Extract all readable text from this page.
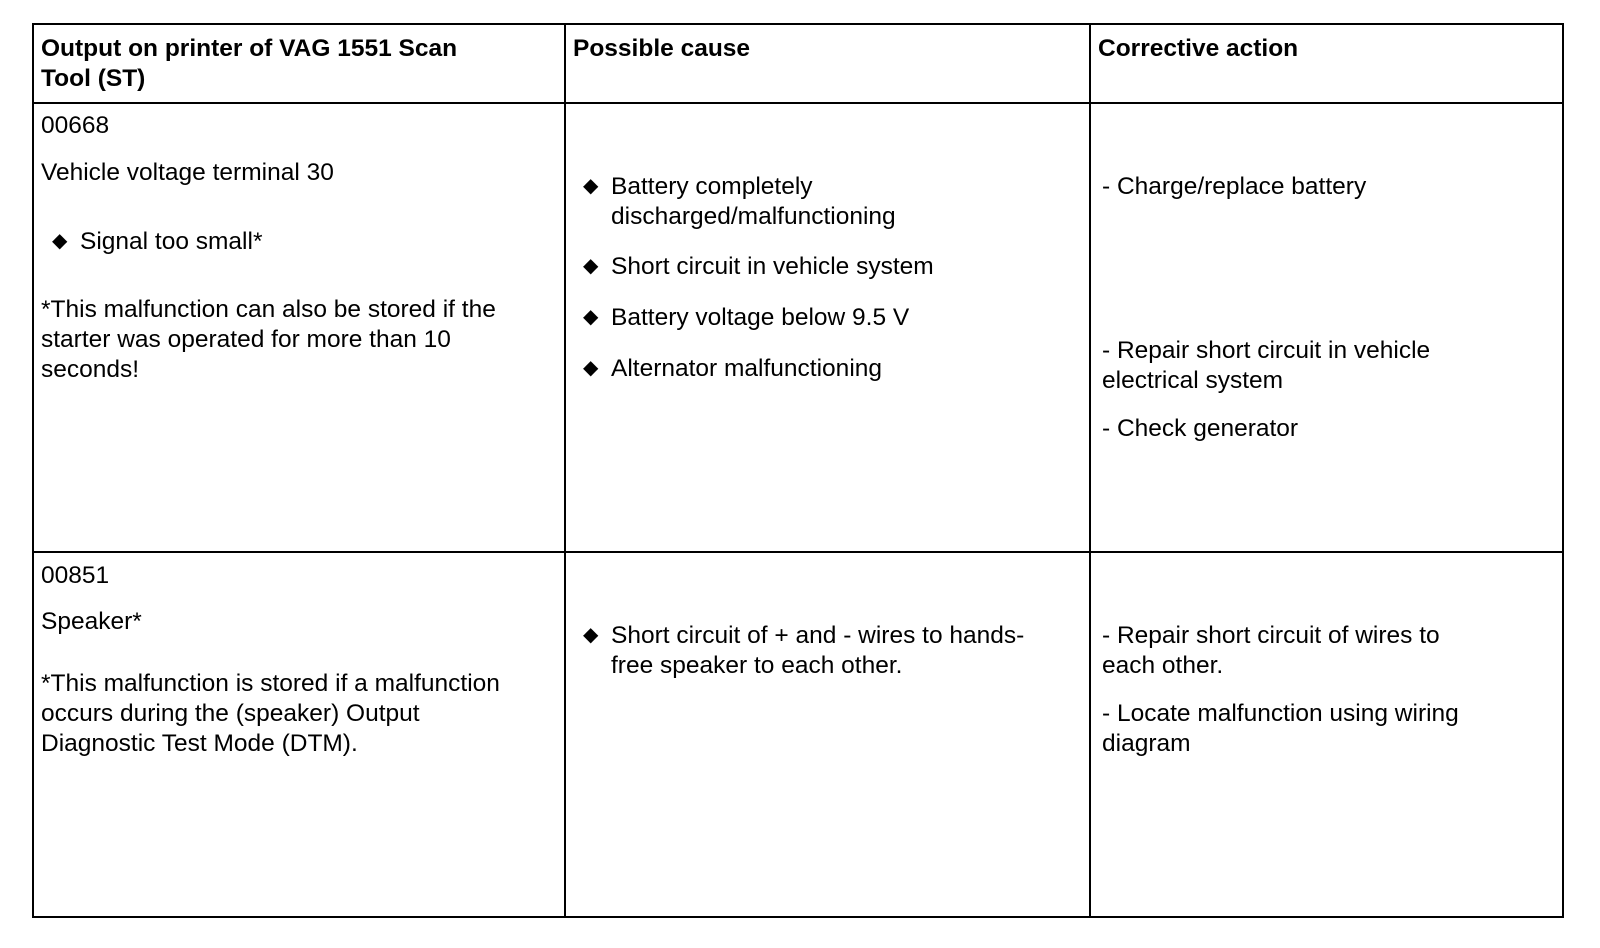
Output on printer of VAG 1551 Scan
Tool (ST)
Possible cause	Corrective action
00668
Vehicle voltage terminal 30
◆ Signal too small*
*This malfunction can also be stored if the
starter was operated for more than 10
seconds!
◆ Battery completely
discharged/malfunctioning
◆ Short circuit in vehicle system
◆ Battery voltage below 9.5 V
◆ Alternator malfunctioning
- Charge/replace battery
- Repair short circuit in vehicle
electrical system
- Check generator
00851
Speaker*
*This malfunction is stored if a malfunction
occurs during the (speaker) Output
Diagnostic Test Mode (DTM).
◆ Short circuit of + and - wires to hands-
free speaker to each other.
- Repair short circuit of wires to
each other.
- Locate malfunction using wiring
diagram
